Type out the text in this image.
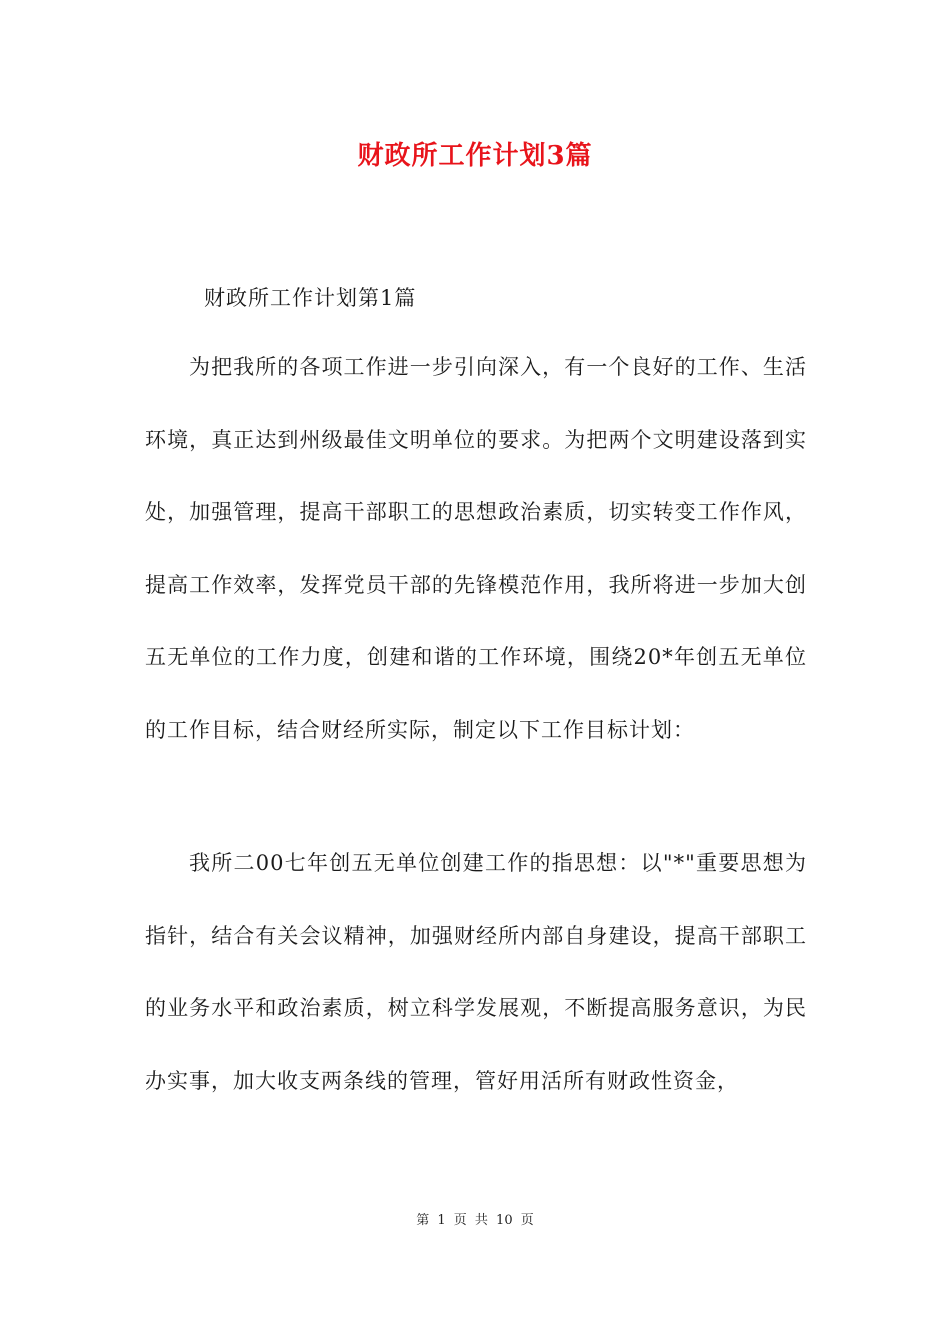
财政所工作计划3篇
财政所工作计划第1篇

为把我所的各项工作进一步引向深入，有一个良好的工作、生活环境，真正达到州级最佳文明单位的要求。为把两个文明建设落到实处，加强管理，提高干部职工的思想政治素质，切实转变工作作风，提高工作效率，发挥党员干部的先锋模范作用，我所将进一步加大创五无单位的工作力度，创建和谐的工作环境，围绕20*年创五无单位的工作目标，结合财经所实际，制定以下工作目标计划：

我所二00七年创五无单位创建工作的指思想：以"*"重要思想为指针，结合有关会议精神，加强财经所内部自身建设，提高干部职工的业务水平和政治素质，树立科学发展观，不断提高服务意识，为民办实事，加大收支两条线的管理，管好用活所有财政性资金，

第 1 页 共 10 页
